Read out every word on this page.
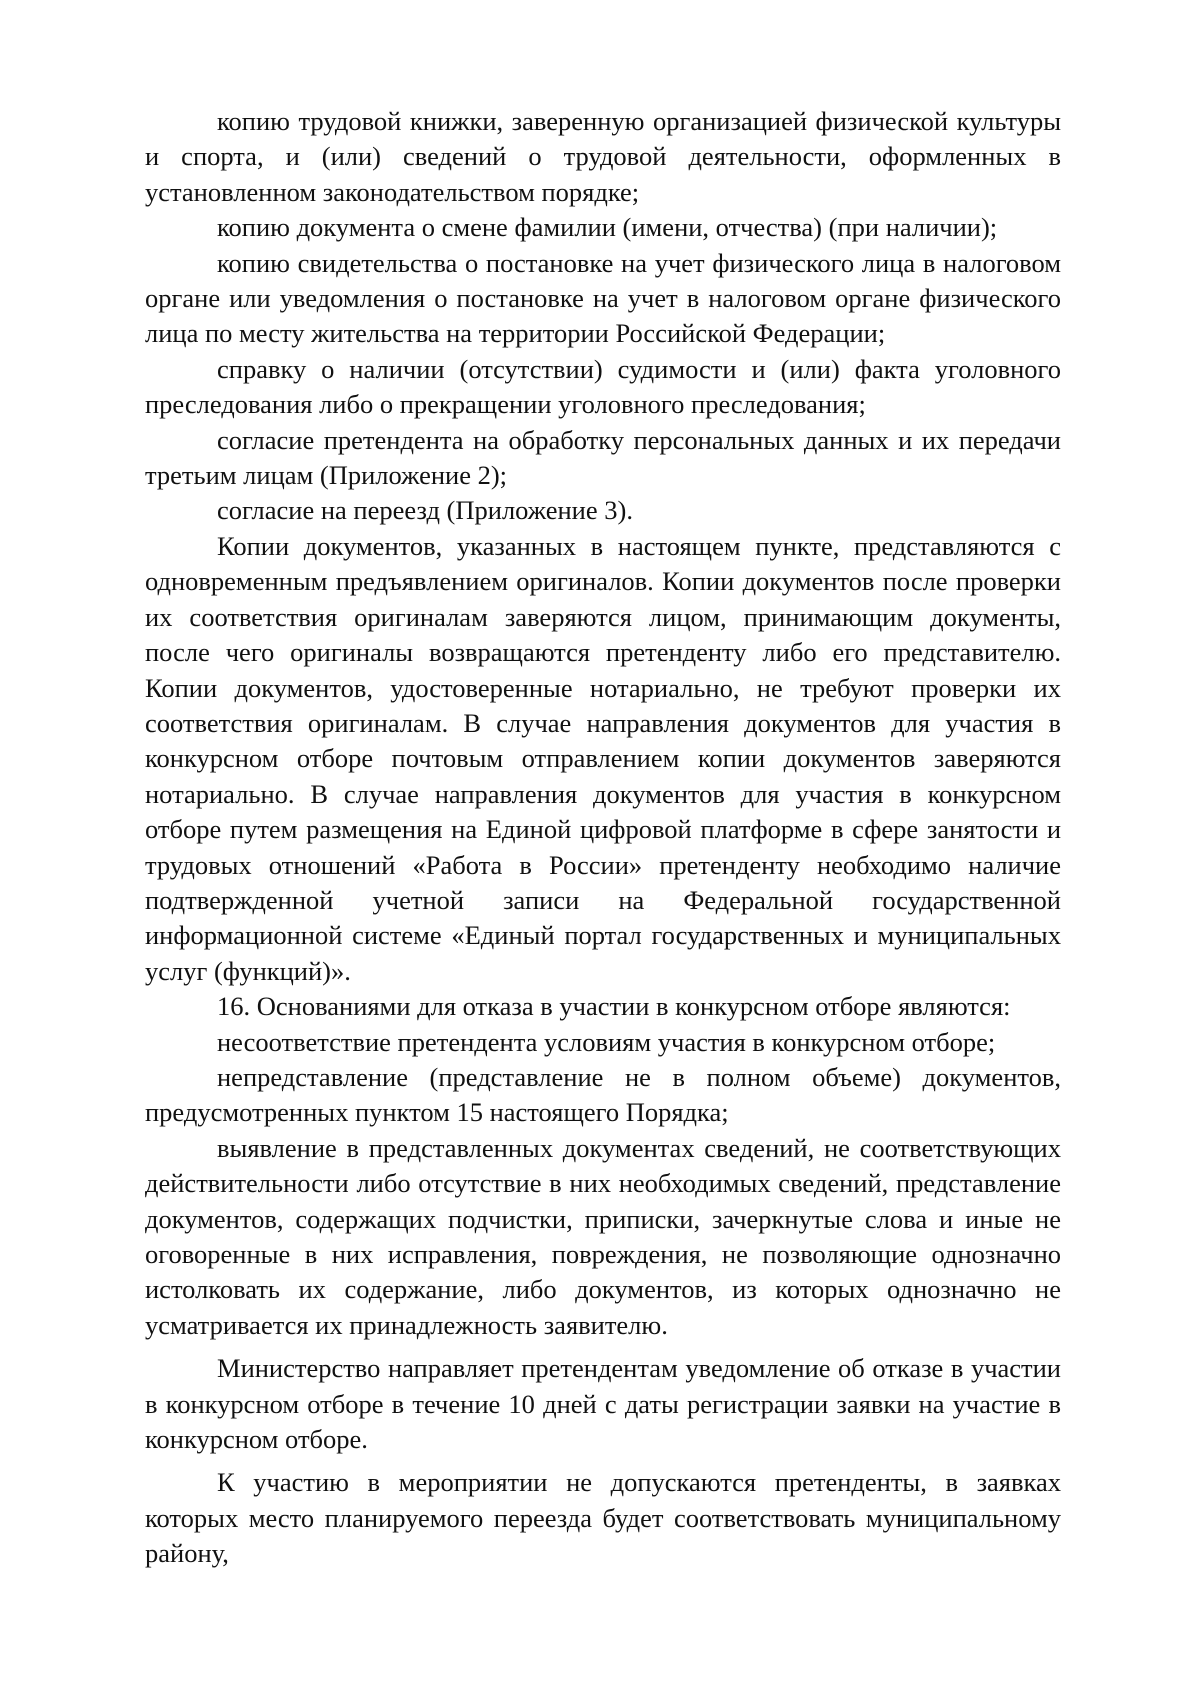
копию трудовой книжки, заверенную организацией физической культуры и спорта, и (или) сведений о трудовой деятельности, оформленных в установленном законодательством порядке;

копию документа о смене фамилии (имени, отчества) (при наличии);

копию свидетельства о постановке на учет физического лица в налоговом органе или уведомления о постановке на учет в налоговом органе физического лица по месту жительства на территории Российской Федерации;

справку о наличии (отсутствии) судимости и (или) факта уголовного преследования либо о прекращении уголовного преследования;

согласие претендента на обработку персональных данных и их передачи третьим лицам (Приложение 2);

согласие на переезд (Приложение 3).

Копии документов, указанных в настоящем пункте, представляются с одновременным предъявлением оригиналов. Копии документов после проверки их соответствия оригиналам заверяются лицом, принимающим документы, после чего оригиналы возвращаются претенденту либо его представителю. Копии документов, удостоверенные нотариально, не требуют проверки их соответствия оригиналам. В случае направления документов для участия в конкурсном отборе почтовым отправлением копии документов заверяются нотариально. В случае направления документов для участия в конкурсном отборе путем размещения на Единой цифровой платформе в сфере занятости и трудовых отношений «Работа в России» претенденту необходимо наличие подтвержденной учетной записи на Федеральной государственной информационной системе «Единый портал государственных и муниципальных услуг (функций)».

16. Основаниями для отказа в участии в конкурсном отборе являются:

несоответствие претендента условиям участия в конкурсном отборе;

непредставление (представление не в полном объеме) документов, предусмотренных пунктом 15 настоящего Порядка;

выявление в представленных документах сведений, не соответствующих действительности либо отсутствие в них необходимых сведений, представление документов, содержащих подчистки, приписки, зачеркнутые слова и иные не оговоренные в них исправления, повреждения, не позволяющие однозначно истолковать их содержание, либо документов, из которых однозначно не усматривается их принадлежность заявителю.

Министерство направляет претендентам уведомление об отказе в участии в конкурсном отборе в течение 10 дней с даты регистрации заявки на участие в конкурсном отборе.

К участию в мероприятии не допускаются претенденты, в заявках которых место планируемого переезда будет соответствовать муниципальному району,
